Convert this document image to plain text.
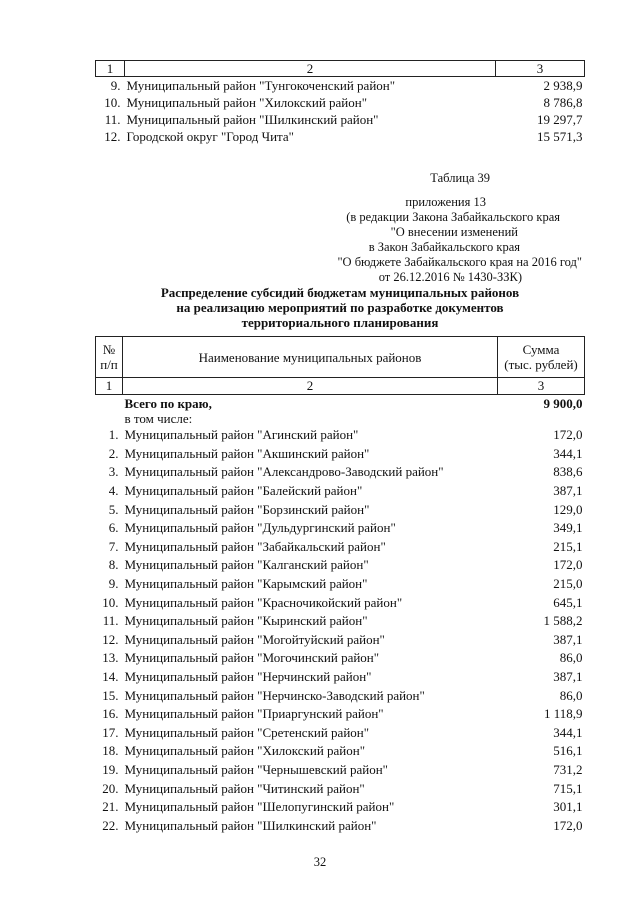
1	2	3
9.	Муниципальный район "Тунгокоченский район"	2 938,9
10.	Муниципальный район "Хилокский район"	8 786,8
11.	Муниципальный район "Шилкинский район"	19 297,7
12.	Городской округ "Город Чита"	15 571,3
Таблица 39
приложения 13
(в редакции Закона Забайкальского края
"О внесении изменений
в Закон Забайкальского края
"О бюджете Забайкальского края на 2016 год"
от 26.12.2016 № 1430-ЗЗК)
Распределение субсидий бюджетам муниципальных районов
на реализацию мероприятий по разработке документов
территориального планирования
№
п/п	Наименование муниципальных районов	Сумма
(тыс. рублей)
1	2	3
	Всего по краю,	9 900,0
	в том числе:	
1.	Муниципальный район "Агинский район"	172,0
2.	Муниципальный район "Акшинский район"	344,1
3.	Муниципальный район "Александрово-Заводский район"	838,6
4.	Муниципальный район "Балейский район"	387,1
5.	Муниципальный район "Борзинский район"	129,0
6.	Муниципальный район "Дульдургинский район"	349,1
7.	Муниципальный район "Забайкальский район"	215,1
8.	Муниципальный район "Калганский район"	172,0
9.	Муниципальный район "Карымский район"	215,0
10.	Муниципальный район "Красночикойский район"	645,1
11.	Муниципальный район "Кыринский район"	1 588,2
12.	Муниципальный район "Могойтуйский район"	387,1
13.	Муниципальный район "Могочинский район"	86,0
14.	Муниципальный район "Нерчинский район"	387,1
15.	Муниципальный район "Нерчинско-Заводский район"	86,0
16.	Муниципальный район "Приаргунский район"	1 118,9
17.	Муниципальный район "Сретенский район"	344,1
18.	Муниципальный район "Хилокский район"	516,1
19.	Муниципальный район "Чернышевский район"	731,2
20.	Муниципальный район "Читинский район"	715,1
21.	Муниципальный район "Шелопугинский район"	301,1
22.	Муниципальный район "Шилкинский район"	172,0
32
